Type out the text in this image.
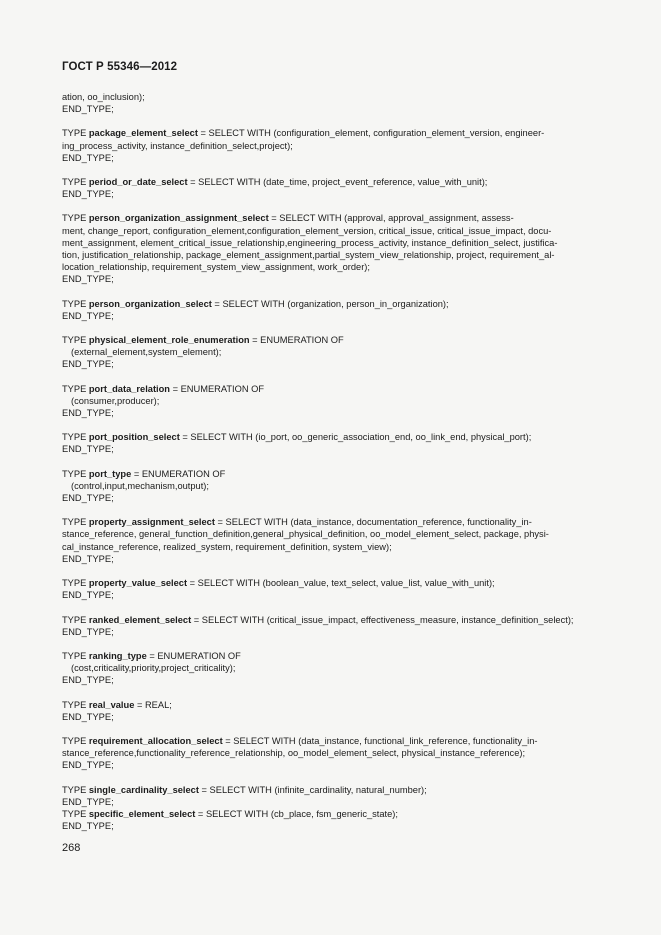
ГОСТ Р 55346—2012
ation, oo_inclusion);
END_TYPE;
TYPE package_element_select = SELECT WITH (configuration_element, configuration_element_version, engineer-
ing_process_activity, instance_definition_select,project);
END_TYPE;
TYPE period_or_date_select = SELECT WITH (date_time, project_event_reference, value_with_unit);
END_TYPE;
TYPE person_organization_assignment_select = SELECT WITH (approval, approval_assignment, assess-
ment, change_report, configuration_element,configuration_element_version, critical_issue, critical_issue_impact, docu-
ment_assignment, element_critical_issue_relationship,engineering_process_activity, instance_definition_select, justifica-
tion, justification_relationship, package_element_assignment,partial_system_view_relationship, project, requirement_al-
location_relationship, requirement_system_view_assignment, work_order);
END_TYPE;
TYPE person_organization_select = SELECT WITH (organization, person_in_organization);
END_TYPE;
TYPE physical_element_role_enumeration = ENUMERATION OF
(external_element,system_element);
END_TYPE;
TYPE port_data_relation = ENUMERATION OF
(consumer,producer);
END_TYPE;
TYPE port_position_select = SELECT WITH (io_port, oo_generic_association_end, oo_link_end, physical_port);
END_TYPE;
TYPE port_type = ENUMERATION OF
(control,input,mechanism,output);
END_TYPE;
TYPE property_assignment_select = SELECT WITH (data_instance, documentation_reference, functionality_in-
stance_reference, general_function_definition,general_physical_definition, oo_model_element_select, package, physi-
cal_instance_reference, realized_system, requirement_definition, system_view);
END_TYPE;
TYPE property_value_select = SELECT WITH (boolean_value, text_select, value_list, value_with_unit);
END_TYPE;
TYPE ranked_element_select = SELECT WITH (critical_issue_impact, effectiveness_measure, instance_definition_select);
END_TYPE;
TYPE ranking_type = ENUMERATION OF
(cost,criticality,priority,project_criticality);
END_TYPE;
TYPE real_value = REAL;
END_TYPE;
TYPE requirement_allocation_select = SELECT WITH (data_instance, functional_link_reference, functionality_in-
stance_reference,functionality_reference_relationship, oo_model_element_select, physical_instance_reference);
END_TYPE;
TYPE single_cardinality_select = SELECT WITH (infinite_cardinality, natural_number);
END_TYPE;
TYPE specific_element_select = SELECT WITH (cb_place, fsm_generic_state);
END_TYPE;
268
